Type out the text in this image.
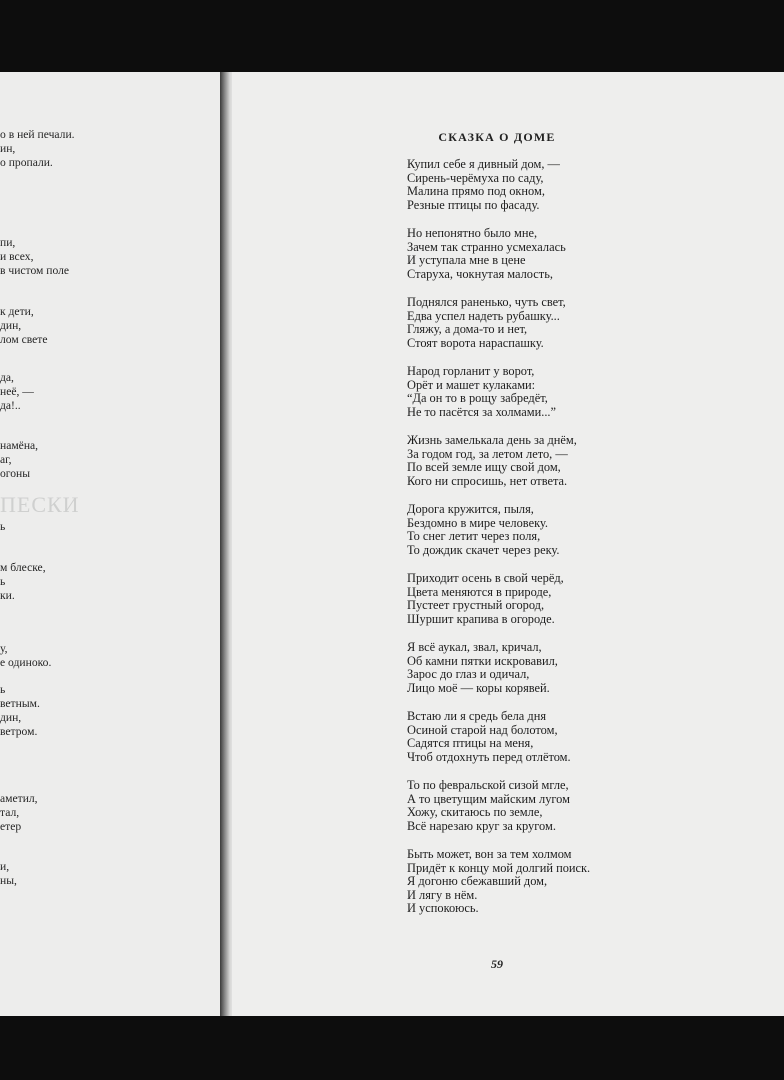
ПЕСКИ
о в ней печали.
ин,
о пропали.
пи,
и всех,
в чистом поле
к дети,
дин,
лом свете
да,
неё, —
да!..
намёна,
аг,
огоны
ь
м блеске,
ь
ки.
у,
е одиноко.
ь
ветным.
дин,
ветром.
аметил,
тал,
етер
и,
ны,
СКАЗКА О ДОМЕ
Купил себе я дивный дом, —
Сирень-черёмуха по саду,
Малина прямо под окном,
Резные птицы по фасаду.
Но непонятно было мне,
Зачем так странно усмехалась
И уступала мне в цене
Старуха, чокнутая малость,
Поднялся раненько, чуть свет,
Едва успел надеть рубашку...
Гляжу, а дома-то и нет,
Стоят ворота нараспашку.
Народ горланит у ворот,
Орёт и машет кулаками:
“Да он то в рощу забредёт,
Не то пасётся за холмами...”
Жизнь замелькала день за днём,
За годом год, за летом лето, —
По всей земле ищу свой дом,
Кого ни спросишь, нет ответа.
Дорога кружится, пыля,
Бездомно в мире человеку.
То снег летит через поля,
То дождик скачет через реку.
Приходит осень в свой черёд,
Цвета меняются в природе,
Пустеет грустный огород,
Шуршит крапива в огороде.
Я всё аукал, звал, кричал,
Об камни пятки искровавил,
Зарос до глаз и одичал,
Лицо моё — коры корявей.
Встаю ли я средь бела дня
Осиной старой над болотом,
Садятся птицы на меня,
Чтоб отдохнуть перед отлётом.
То по февральской сизой мгле,
А то цветущим майским лугом
Хожу, скитаюсь по земле,
Всё нарезаю круг за кругом.
Быть может, вон за тем холмом
Придёт к концу мой долгий поиск.
Я догоню сбежавший дом,
И лягу в нём.
И успокоюсь.
59
